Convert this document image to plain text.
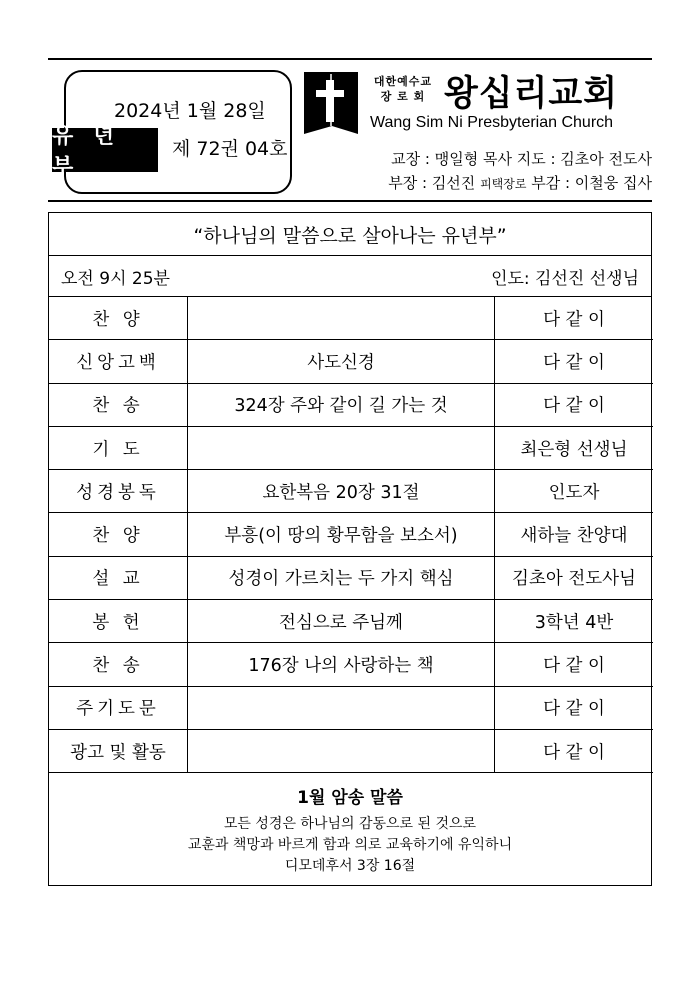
2024년 1월 28일
유 년 부
제 72권 04호
대한예수교
장 로 회 왕십리교회
Wang Sim Ni Presbyterian Church
교장 : 맹일형 목사 지도 : 김초아 전도사
부장 : 김선진 피택장로 부감 : 이철웅 집사
“하나님의 말씀으로 살아나는 유년부”
오전 9시 25분	인도: 김선진 선생님
찬 양		다 같 이
신앙고백	사도신경	다 같 이
찬 송	324장 주와 같이 길 가는 것	다 같 이
기 도		최은형 선생님
성경봉독	요한복음 20장 31절	인도자
찬 양	부흥(이 땅의 황무함을 보소서)	새하늘 찬양대
설 교	성경이 가르치는 두 가지 핵심	김초아 전도사님
봉 헌	전심으로 주님께	3학년 4반
찬 송	176장 나의 사랑하는 책	다 같 이
주기도문		다 같 이
광고 및 활동		다 같 이
1월 암송 말씀
모든 성경은 하나님의 감동으로 된 것으로
교훈과 책망과 바르게 함과 의로 교육하기에 유익하니
디모데후서 3장 16절
